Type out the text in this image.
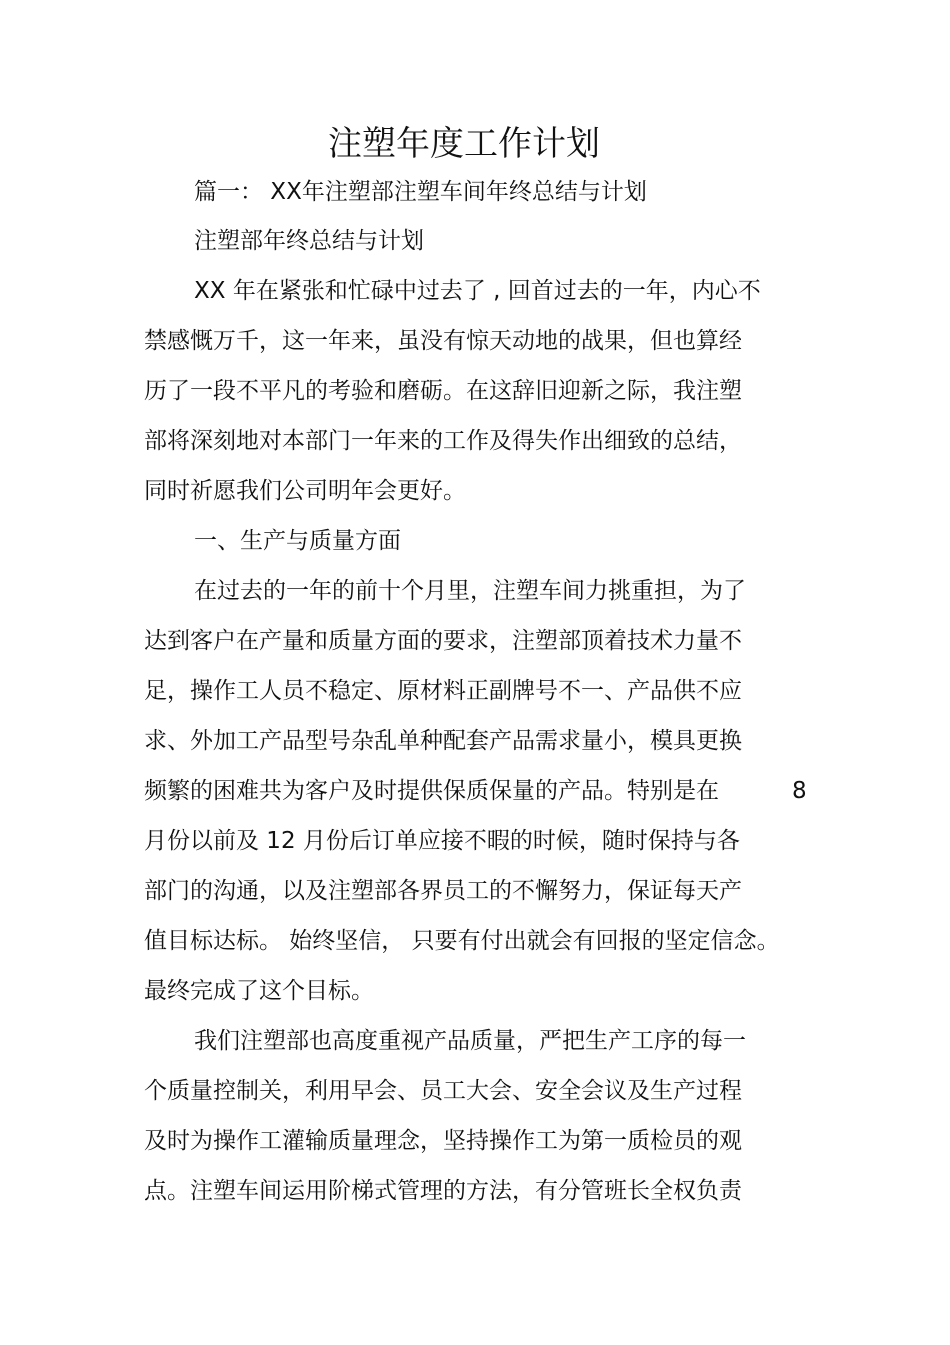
注塑年度工作计划
篇一： XX年注塑部注塑车间年终总结与计划
注塑部年终总结与计划
XX 年在紧张和忙碌中过去了 , 回首过去的一年，内心不
禁感慨万千，这一年来，虽没有惊天动地的战果，但也算经
历了一段不平凡的考验和磨砺。在这辞旧迎新之际，我注塑
部将深刻地对本部门一年来的工作及得失作出细致的总结，
同时祈愿我们公司明年会更好。
一、生产与质量方面
在过去的一年的前十个月里，注塑车间力挑重担，为了
达到客户在产量和质量方面的要求，注塑部顶着技术力量不
足，操作工人员不稳定、原材料正副牌号不一、产品供不应
求、外加工产品型号杂乱单种配套产品需求量小，模具更换
频繁的困难共为客户及时提供保质保量的产品。特别是在	8
月份以前及 12 月份后订单应接不暇的时候，随时保持与各
部门的沟通，以及注塑部各界员工的不懈努力，保证每天产
值目标达标。 始终坚信， 只要有付出就会有回报的坚定信念。
最终完成了这个目标。
我们注塑部也高度重视产品质量，严把生产工序的每一
个质量控制关，利用早会、员工大会、安全会议及生产过程
及时为操作工灌输质量理念，坚持操作工为第一质检员的观
点。注塑车间运用阶梯式管理的方法，有分管班长全权负责
